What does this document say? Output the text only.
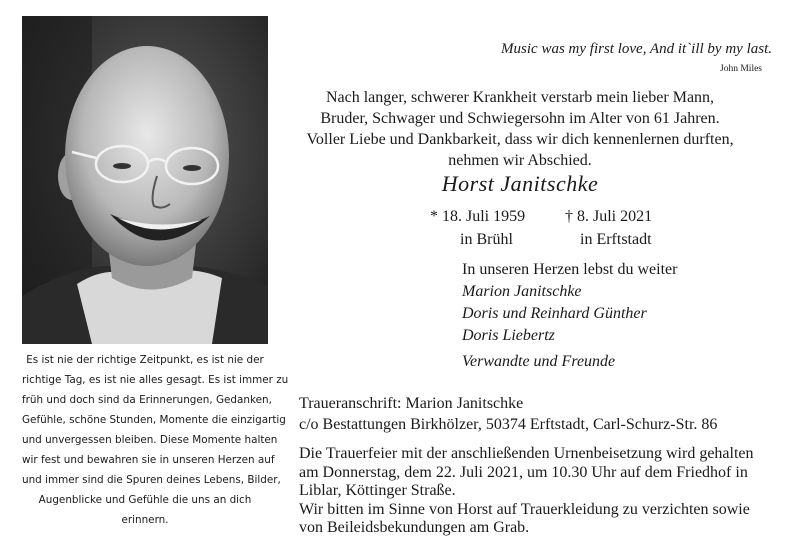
Es ist nie der richtige Zeitpunkt, es ist nie der
richtige Tag, es ist nie alles gesagt. Es ist immer zu
früh und doch sind da Erinnerungen, Gedanken,
Gefühle, schöne Stunden, Momente die einzigartig
und unvergessen bleiben. Diese Momente halten
wir fest und bewahren sie in unseren Herzen auf
und immer sind die Spuren deines Lebens, Bilder,
Augenblicke und Gefühle die uns an dich
erinnern.
Music was my first love, And it`ill by my last.
John Miles
Nach langer, schwerer Krankheit verstarb mein lieber Mann,
Bruder, Schwager und Schwiegersohn im Alter von 61 Jahren.
Voller Liebe und Dankbarkeit, dass wir dich kennenlernen durften,
nehmen wir Abschied.
Horst Janitschke
* 18. Juli 1959
in Brühl
† 8. Juli 2021
in Erftstadt
In unseren Herzen lebst du weiter
Marion Janitschke
Doris und Reinhard Günther
Doris Liebertz
Verwandte und Freunde
Traueranschrift: Marion Janitschke
c/o Bestattungen Birkhölzer, 50374 Erftstadt, Carl-Schurz-Str. 86
Die Trauerfeier mit der anschließenden Urnenbeisetzung wird gehalten
am Donnerstag, dem 22. Juli 2021, um 10.30 Uhr auf dem Friedhof in
Liblar, Köttinger Straße.
Wir bitten im Sinne von Horst auf Trauerkleidung zu verzichten sowie
von Beileidsbekundungen am Grab.
